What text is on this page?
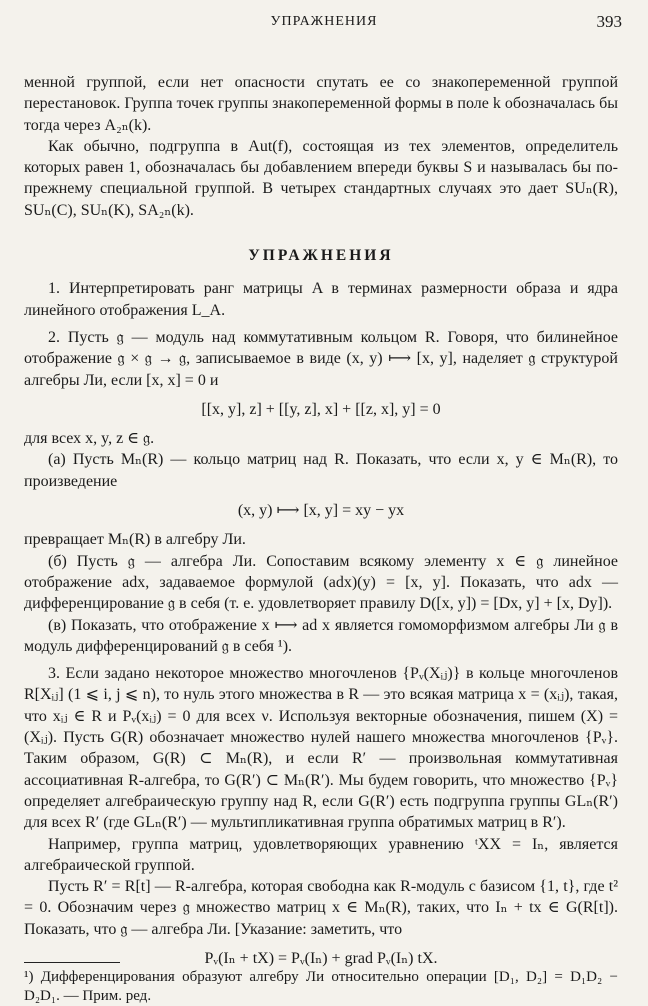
УПРАЖНЕНИЯ	393

менной группой, если нет опасности спутать ее со знакопеременной группой перестановок. Группа точек группы знакопеременной формы в поле k обозначалась бы тогда через A₂ₙ(k).

Как обычно, подгруппа в Aut(f), состоящая из тех элементов, определитель которых равен 1, обозначалась бы добавлением впереди буквы S и называлась бы по-прежнему специальной группой. В четырех стандартных случаях это дает SUₙ(R), SUₙ(C), SUₙ(K), SA₂ₙ(k).

УПРАЖНЕНИЯ

1. Интерпретировать ранг матрицы A в терминах размерности образа и ядра линейного отображения L_A.

2. Пусть 𝔤 — модуль над коммутативным кольцом R. Говоря, что билинейное отображение 𝔤 × 𝔤 → 𝔤, записываемое в виде (x, y) ⟼ [x, y], наделяет 𝔤 структурой алгебры Ли, если [x, x] = 0 и

[[x, y], z] + [[y, z], x] + [[z, x], y] = 0

для всех x, y, z ∈ 𝔤.

(а) Пусть Mₙ(R) — кольцо матриц над R. Показать, что если x, y ∈ Mₙ(R), то произведение

(x, y) ⟼ [x, y] = xy − yx

превращает Mₙ(R) в алгебру Ли.

(б) Пусть 𝔤 — алгебра Ли. Сопоставим всякому элементу x ∈ 𝔤 линейное отображение adx, задаваемое формулой (adx)(y) = [x, y]. Показать, что adx — дифференцирование 𝔤 в себя (т. е. удовлетворяет правилу D([x, y]) = [Dx, y] + [x, Dy]).

(в) Показать, что отображение x ⟼ ad x является гомоморфизмом алгебры Ли 𝔤 в модуль дифференцирований 𝔤 в себя ¹).

3. Если задано некоторое множество многочленов {Pᵥ(Xᵢⱼ)} в кольце многочленов R[Xᵢⱼ] (1 ⩽ i, j ⩽ n), то нуль этого множества в R — это всякая матрица x = (xᵢⱼ), такая, что xᵢⱼ ∈ R и Pᵥ(xᵢⱼ) = 0 для всех ν. Используя векторные обозначения, пишем (X) = (Xᵢⱼ). Пусть G(R) обозначает множество нулей нашего множества многочленов {Pᵥ}. Таким образом, G(R) ⊂ Mₙ(R), и если R′ — произвольная коммутативная ассоциативная R-алгебра, то G(R′) ⊂ Mₙ(R′). Мы будем говорить, что множество {Pᵥ} определяет алгебраическую группу над R, если G(R′) есть подгруппа группы GLₙ(R′) для всех R′ (где GLₙ(R′) — мультипликативная группа обратимых матриц в R′).

Например, группа матриц, удовлетворяющих уравнению ᵗXX = Iₙ, является алгебраической группой.

Пусть R′ = R[t] — R-алгебра, которая свободна как R-модуль с базисом {1, t}, где t² = 0. Обозначим через 𝔤 множество матриц x ∈ Mₙ(R), таких, что Iₙ + tx ∈ G(R[t]). Показать, что 𝔤 — алгебра Ли. [Указание: заметить, что

Pᵥ(Iₙ + tX) = Pᵥ(Iₙ) + grad Pᵥ(Iₙ) tX.
¹) Дифференцирования образуют алгебру Ли относительно операции [D₁, D₂] = D₁D₂ − D₂D₁. — Прим. ред.
